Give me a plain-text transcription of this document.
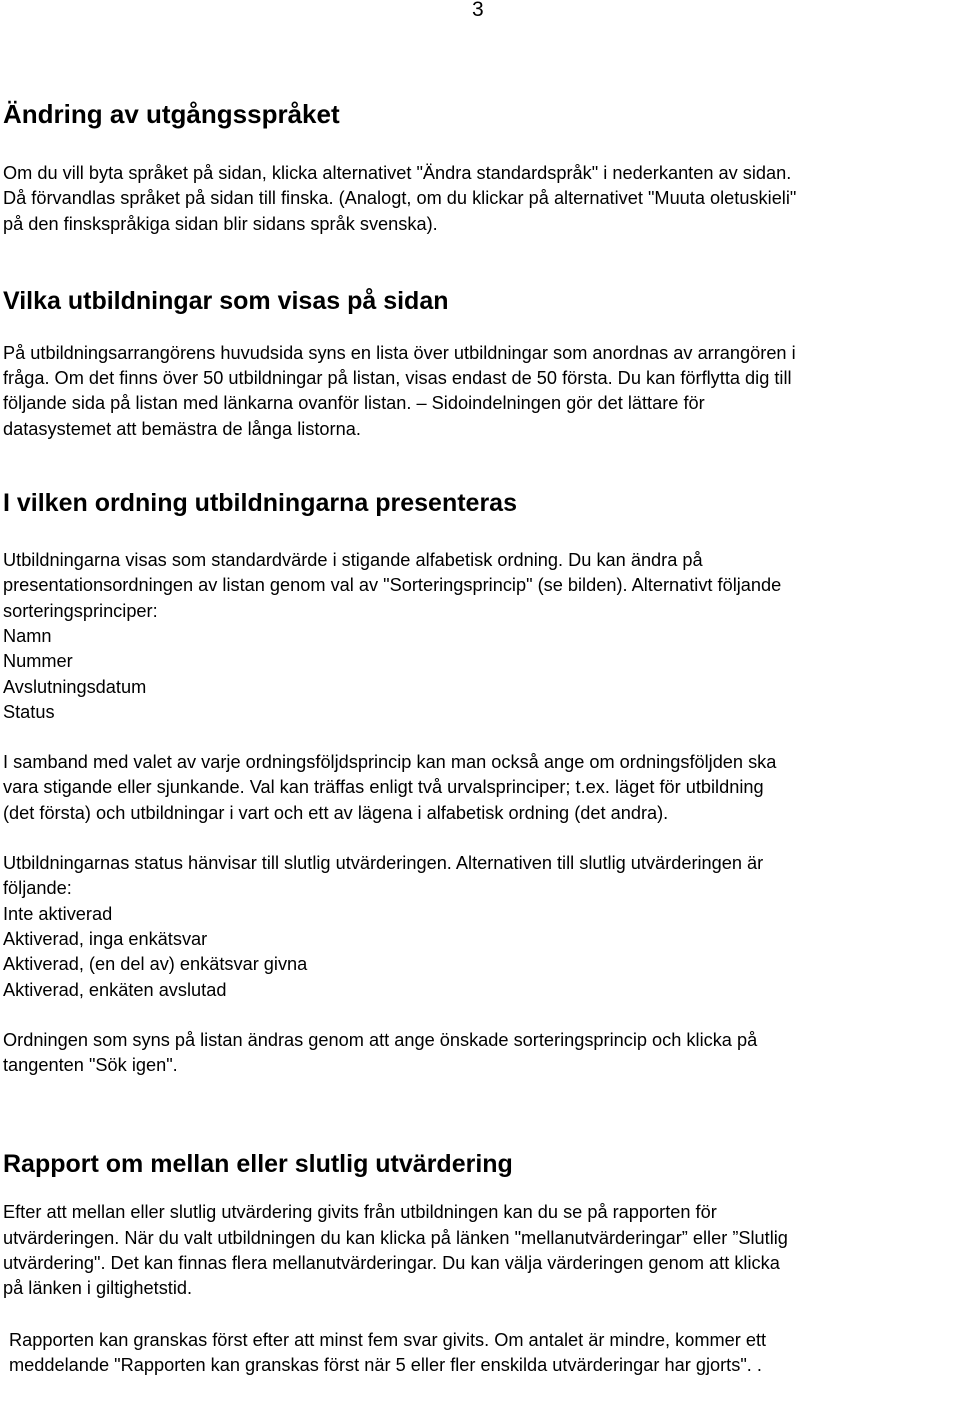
3
Ändring av utgångsspråket

Om du vill byta språket på sidan, klicka alternativet "Ändra standardspråk" i nederkanten av sidan.
Då förvandlas språket på sidan till finska. (Analogt, om du klickar på alternativet "Muuta oletuskieli"
på den finskspråkiga sidan blir sidans språk svenska).

Vilka utbildningar som visas på sidan

På utbildningsarrangörens huvudsida syns en lista över utbildningar som anordnas av arrangören i
fråga. Om det finns över 50 utbildningar på listan, visas endast de 50 första. Du kan förflytta dig till
följande sida på listan med länkarna ovanför listan. – Sidoindelningen gör det lättare för
datasystemet att bemästra de långa listorna.

I vilken ordning utbildningarna presenteras

Utbildningarna visas som standardvärde i stigande alfabetisk ordning. Du kan ändra på
presentationsordningen av listan genom val av "Sorteringsprincip" (se bilden). Alternativt följande
sorteringsprinciper:
Namn
Nummer
Avslutningsdatum
Status

I samband med valet av varje ordningsföljdsprincip kan man också ange om ordningsföljden ska
vara stigande eller sjunkande. Val kan träffas enligt två urvalsprinciper; t.ex. läget för utbildning
(det första) och utbildningar i vart och ett av lägena i alfabetisk ordning (det andra).

Utbildningarnas status hänvisar till slutlig utvärderingen. Alternativen till slutlig utvärderingen är
följande:
Inte aktiverad
Aktiverad, inga enkätsvar
Aktiverad, (en del av) enkätsvar givna
Aktiverad, enkäten avslutad

Ordningen som syns på listan ändras genom att ange önskade sorteringsprincip och klicka på
tangenten "Sök igen".

Rapport om mellan eller slutlig utvärdering

Efter att mellan eller slutlig utvärdering givits från utbildningen kan du se på rapporten för
utvärderingen. När du valt utbildningen du kan klicka på länken "mellanutvärderingar” eller ”Slutlig
utvärdering". Det kan finnas flera mellanutvärderingar. Du kan välja värderingen genom att klicka
på länken i giltighetstid.

Rapporten kan granskas först efter att minst fem svar givits. Om antalet är mindre, kommer ett
meddelande "Rapporten kan granskas först när 5 eller fler enskilda utvärderingar har gjorts". .
